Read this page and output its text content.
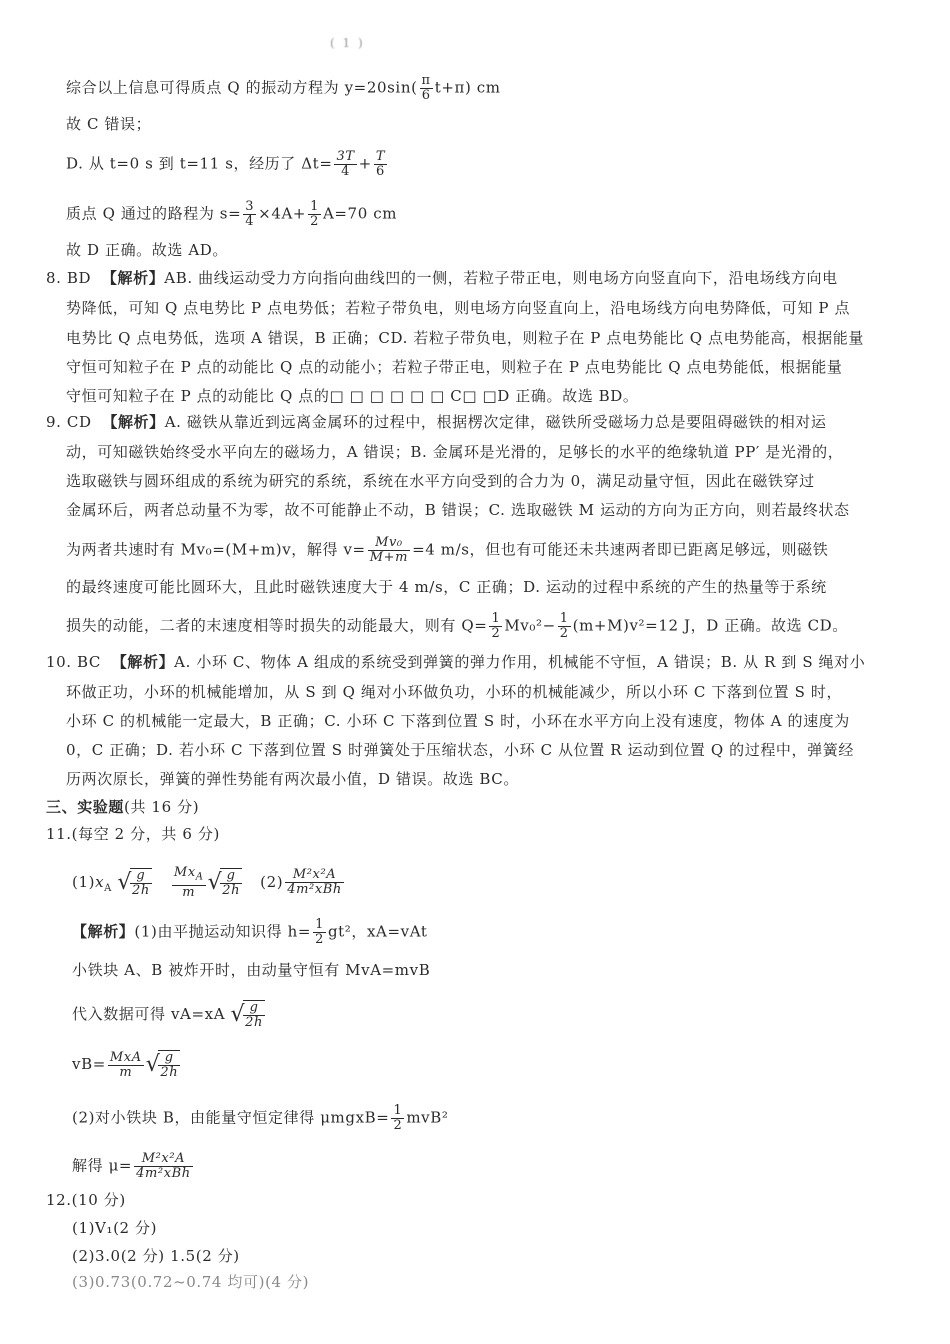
( 1 )
综合以上信息可得质点 Q 的振动方程为 $y=20\sin( \frac{\pi}{6} t+\pi)$ cm
故 C 错误；
D. 从 t=0 s 到 t=11 s，经历了 $\Delta t= \frac{3T}{4} + \frac{T}{6}$
质点 Q 通过的路程为 $s= \frac{3}{4} \times 4A+ \frac{1}{2} A=70$ cm
故 D 正确。故选 AD。
8. BD 【解析】AB. 曲线运动受力方向指向曲线凹的一侧，若粒子带正电，则电场方向竖直向下，沿电场线方向电
势降低，可知 Q 点电势比 P 点电势低；若粒子带负电，则电场方向竖直向上，沿电场线方向电势降低，可知 P 点
电势比 Q 点电势低，选项 A 错误，B 正确；CD. 若粒子带负电，则粒子在 P 点电势能比 Q 点电势能高，根据能量
守恒可知粒子在 P 点的动能比 Q 点的动能小；若粒子带正电，则粒子在 P 点电势能比 Q 点电势能低，根据能量
守恒可知粒子在 P 点的动能比 Q 点的□ □ □ □ □ □ C□ □D 正确。故选 BD。
9. CD 【解析】A. 磁铁从靠近到远离金属环的过程中，根据楞次定律，磁铁所受磁场力总是要阻碍磁铁的相对运
动，可知磁铁始终受水平向左的磁场力，A 错误；B. 金属环是光滑的，足够长的水平的绝缘轨道 PP′ 是光滑的，
选取磁铁与圆环组成的系统为研究的系统，系统在水平方向受到的合力为 0，满足动量守恒，因此在磁铁穿过
金属环后，两者总动量不为零，故不可能静止不动，B 错误；C. 选取磁铁 M 运动的方向为正方向，则若最终状态
为两者共速时有 Mv₀=(M+m)v，解得 $v= \frac{\text{Mv₀}}{M+m} =4$ m/s，但也有可能还未共速两者即已距离足够远，则磁铁
的最终速度可能比圆环大，且此时磁铁速度大于 4 m/s，C 正确；D. 运动的过程中系统的产生的热量等于系统
损失的动能，二者的末速度相等时损失的动能最大，则有 $Q= \frac{1}{2} Mv_0^2- \frac{1}{2} (m+M)v^2=12$ J，D 正确。故选 CD。
10. BC 【解析】A. 小环 C、物体 A 组成的系统受到弹簧的弹力作用，机械能不守恒，A 错误；B. 从 R 到 S 绳对小
环做正功，小环的机械能增加，从 S 到 Q 绳对小环做负功，小环的机械能减少，所以小环 C 下落到位置 S 时，
小环 C 的机械能一定最大，B 正确；C. 小环 C 下落到位置 S 时，小环在水平方向上没有速度，物体 A 的速度为
0，C 正确；D. 若小环 C 下落到位置 S 时弹簧处于压缩状态，小环 C 从位置 R 运动到位置 Q 的过程中，弹簧经
历两次原长，弹簧的弹性势能有两次最小值，D 错误。故选 BC。
三、实验题(共 16 分)
11.(每空 2 分，共 6 分)
$(1)x_A$ √
$\frac{g}{2h}$
$\frac{Mx_A}{m}$ √
$\frac{g}{2h} (2) \frac{\text{M²x²A}}{\text{4m²xBh}}$
【解析】(1)由平抛运动知识得 $h= \frac{1}{2} gt^2$，xA=vAt
小铁块 A、B 被炸开时，由动量守恒有 MvA=mvB
代入数据可得 vA=xA √
$\frac{g}{2h}$
$vB= \frac{\text{MxA}}{m}$ √
$\frac{g}{2h}$
(2)对小铁块 B，由能量守恒定律得 μmgxB= $\frac{1}{2} mvB^2$
解得 $\mu= \frac{\text{M²x²A}}{\text{4m²xBh}}$
12.(10 分)
(1)V₁(2 分)
(2)3.0(2 分) 1.5(2 分)
(3)0.73(0.72~0.74 均可)(4 分)
